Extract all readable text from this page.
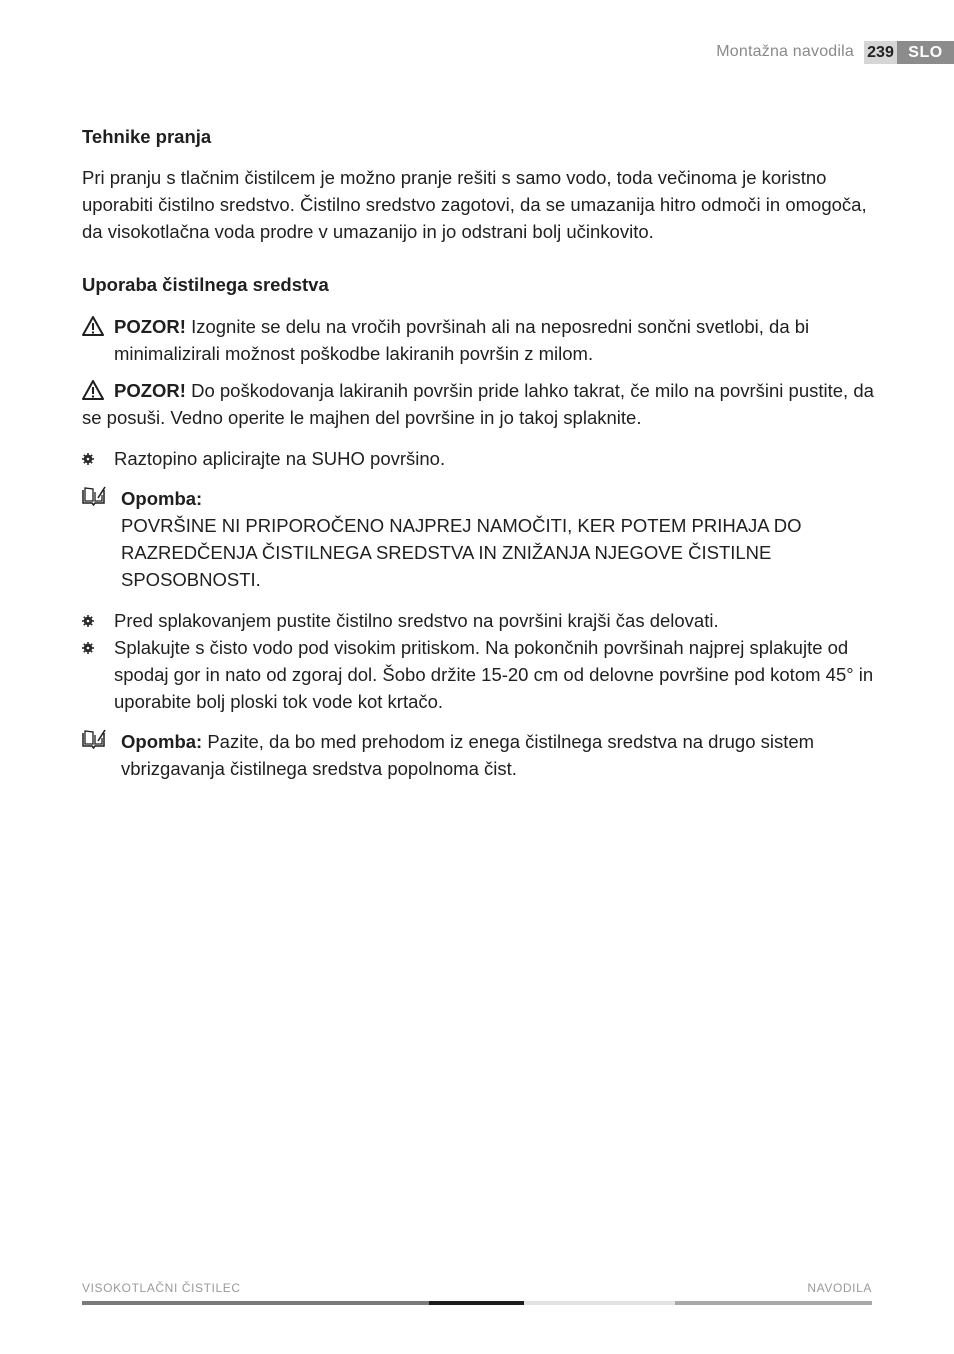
Montažna navodila 239 SLO
Tehnike pranja

Pri pranju s tlačnim čistilcem je možno pranje rešiti s samo vodo, toda večinoma je koristno uporabiti čistilno sredstvo. Čistilno sredstvo zagotovi, da se umazanija hitro odmoči in omogoča, da visokotlačna voda prodre v umazanijo in jo odstrani bolj učinkovito.

Uporaba čistilnega sredstva

POZOR! Izognite se delu na vročih površinah ali na neposredni sončni svetlobi, da bi minimalizirali možnost poškodbe lakiranih površin z milom.

POZOR! Do poškodovanja lakiranih površin pride lahko takrat, če milo na površini pustite, da se posuši. Vedno operite le majhen del površine in jo takoj splaknite.

Raztopino aplicirajte na SUHO površino.

Opomba:

POVRŠINE NI PRIPOROČENO NAJPREJ NAMOČITI, KER POTEM PRIHAJA DO RAZREDČENJA ČISTILNEGA SREDSTVA IN ZNIŽANJA NJEGOVE ČISTILNE SPOSOBNOSTI.

Pred splakovanjem pustite čistilno sredstvo na površini krajši čas delovati.

Splakujte s čisto vodo pod visokim pritiskom. Na pokončnih površinah najprej splakujte od spodaj gor in nato od zgoraj dol. Šobo držite 15-20 cm od delovne površine pod kotom 45° in uporabite bolj ploski tok vode kot krtačo.

Opomba: Pazite, da bo med prehodom iz enega čistilnega sredstva na drugo sistem vbrizgavanja čistilnega sredstva popolnoma čist.

VISOKOTLAČNI ČISTILEC	NAVODILA
